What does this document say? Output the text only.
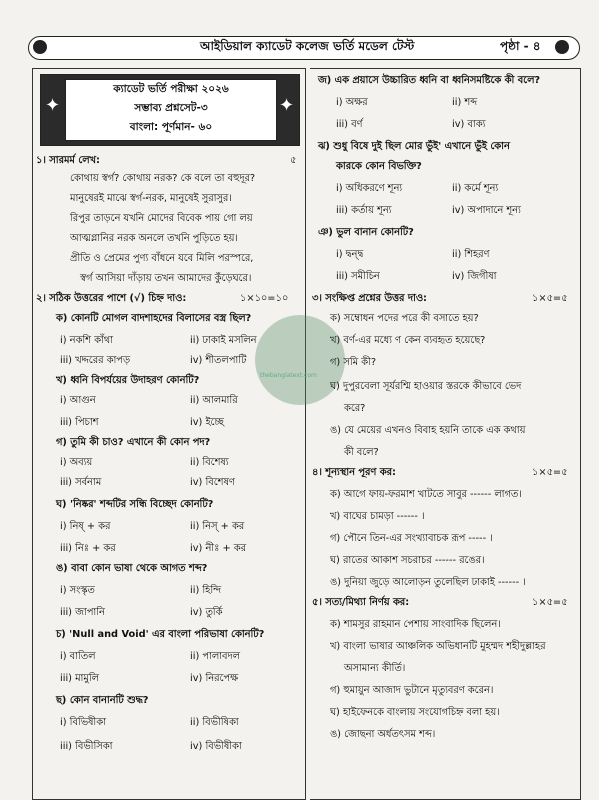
আইডিয়াল ক্যাডেট কলেজ ভর্তি মডেল টেস্ট	পৃষ্ঠা - ৪
✦
ক্যাডেট ভর্তি পরীক্ষা ২০২৬
সম্ভাব্য প্রশ্নসেট-৩
বাংলা: পূর্ণমান- ৬০
✦
thebanglatext.com
১। সারমর্ম লেখ:	৫
কোথায় স্বর্গ? কোথায় নরক? কে বলে তা বহুদূর?
মানুষেরই মাঝে স্বর্গ-নরক, মানুষেই সুরাসুর।
রিপুর তাড়নে যখনি মোদের বিবেক পায় গো লয়
আত্মগ্লানির নরক অনলে তখনি পুড়িতে হয়।
প্রীতি ও প্রেমের পুণ্য বাঁধনে যবে মিলি পরস্পরে,
স্বর্গ আসিয়া দাঁড়ায় তখন আমাদের কুঁড়েঘরে।
২। সঠিক উত্তরের পাশে (√) চিহ্ন দাও:	১×১০=১০
ক) কোনটি মোগল বাদশাহদের বিলাসের বস্ত্র ছিল?
i) নকশি কাঁথা	ii) ঢাকাই মসলিন
iii) খদ্দরের কাপড়	iv) শীতলপাটি
খ) ধ্বনি বিপর্যয়ের উদাহরণ কোনটি?
i) আগুন	ii) আলমারি
iii) পিচাশ	iv) ইচ্ছে
গ) তুমি কী চাও? এখানে কী কোন পদ?
i) অব্যয়	ii) বিশেষ্য
iii) সর্বনাম	iv) বিশেষণ
ঘ) 'নিষ্কর' শব্দটির সন্ধি বিচ্ছেদ কোনটি?
i) নিষ্ + কর	ii) নিস্ + কর
iii) নিঃ + কর	iv) নীঃ + কর
ঙ) বাবা কোন ভাষা থেকে আগত শব্দ?
i) সংস্কৃত	ii) হিন্দি
iii) জাপানি	iv) তুর্কি
চ) 'Null and Void' এর বাংলা পরিভাষা কোনটি?
i) বাতিল	ii) পালাবদল
iii) মামুলি	iv) নিরপেক্ষ
ছ) কোন বানানটি শুদ্ধ?
i) বিভিষীকা	ii) বিভীষিকা
iii) বিভীসিকা	iv) বিভীষীকা
জ) এক প্রয়াসে উচ্চারিত ধ্বনি বা ধ্বনিসমষ্টিকে কী বলে?
i) অক্ষর	ii) শব্দ
iii) বর্ণ	iv) বাক্য
ঝ) শুধু বিষে দুই ছিল মোর ভুঁই' এখানে ভুঁই কোন
কারকে কোন বিভক্তি?
i) অধিকরণে শূন্য	ii) কর্মে শূন্য
iii) কর্তায় শূন্য	iv) অপাদানে শূন্য
ঞ) ভুল বানান কোনটি?
i) দ্বন্দ্ব	ii) শিহরণ
iii) সমীচিন	iv) জিগীষা
৩। সংক্ষিপ্ত প্রশ্নের উত্তর দাও:	১×৫=৫
ক) সম্বোধন পদের পরে কী বসাতে হয়?
খ) বর্ণ-এর মধ্যে ণ কেন ব্যবহৃত হয়েছে?
গ) সমি কী?
ঘ) দুপুরবেলা সূর্যরশ্মি হাওয়ার স্তরকে কীভাবে ভেদ
করে?
ঙ) যে মেয়ের এখনও বিবাহ হয়নি তাকে এক কথায়
কী বলে?
৪। শূন্যস্থান পূরণ কর:	১×৫=৫
ক) আগে ফায়-ফরমাশ খাটতে সাবুর ------ লাগত।
খ) বাঘের চামড়া ------ ।
গ) পৌনে তিন-এর সংখ্যাবাচক রূপ ----- ।
ঘ) রাতের আকাশ সচরাচর ------ রঙের।
ঙ) দুনিয়া জুড়ে আলোড়ন তুলেছিল ঢাকাই ------ ।
৫। সত্য/মিথ্যা নির্ণয় কর:	১×৫=৫
ক) শামসুর রাহমান পেশায় সাংবাদিক ছিলেন।
খ) বাংলা ভাষার আঞ্চলিক অভিধানটি মুহম্মদ শহীদুল্লাহর
অসামান্য কীর্তি।
গ) হুমায়ুন আজাদ ভুটানে মৃত্যুবরণ করেন।
ঘ) হাইফেনকে বাংলায় সংযোগচিহ্ন বলা হয়।
ঙ) জোছনা অর্ধতৎসম শব্দ।
